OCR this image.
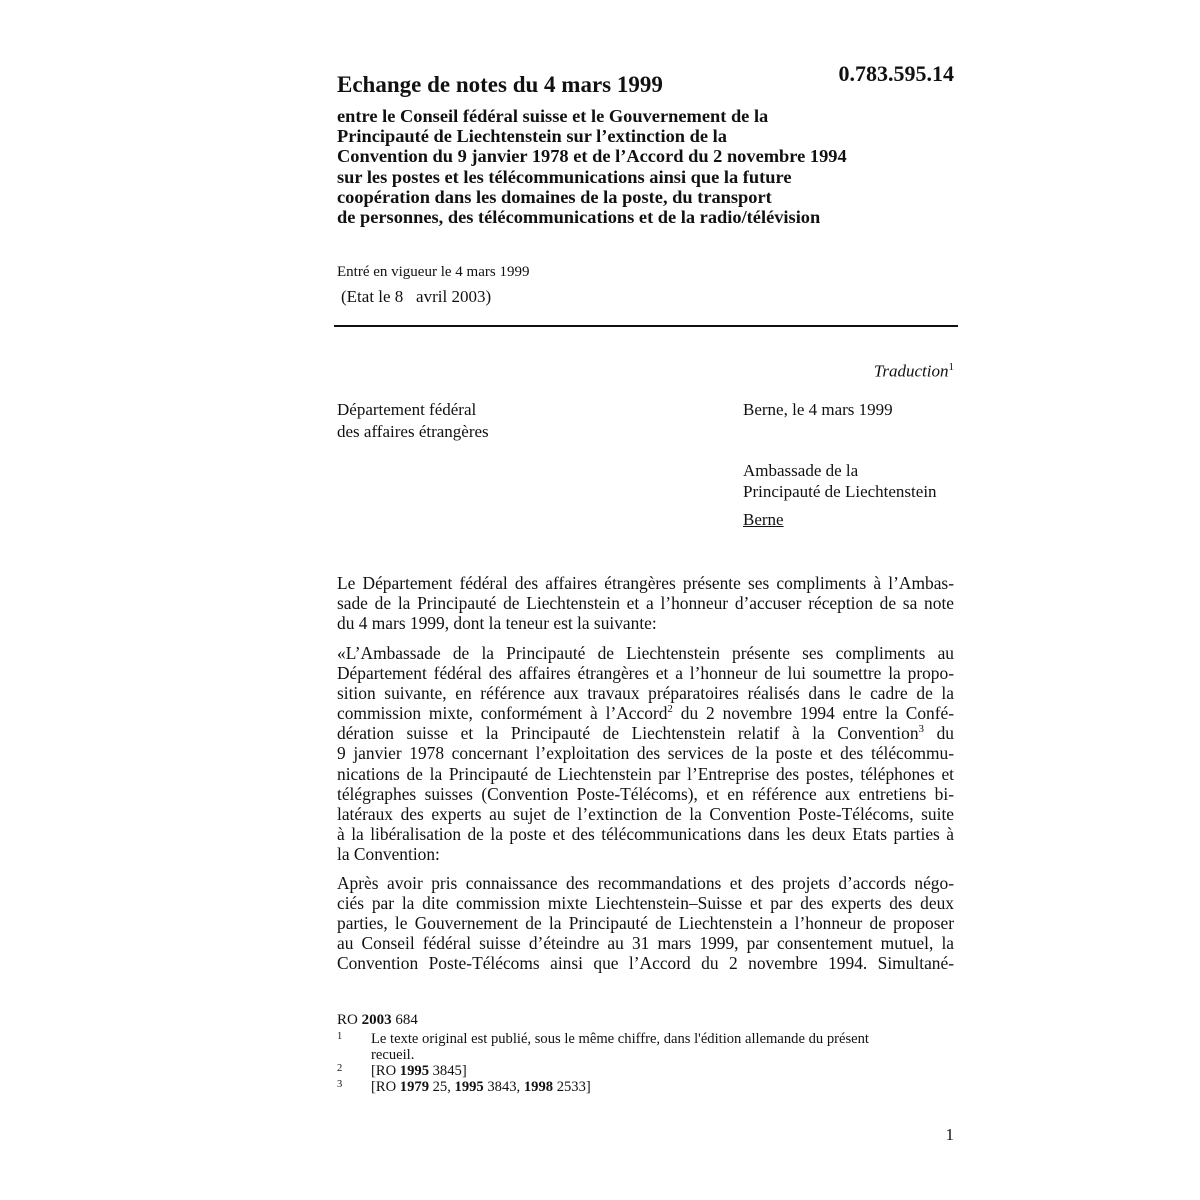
Echange de notes du 4 mars 1999	0.783.595.14
entre le Conseil fédéral suisse et le Gouvernement de la
Principauté de Liechtenstein sur l’extinction de la
Convention du 9 janvier 1978 et de l’Accord du 2 novembre 1994
sur les postes et les télécommunications ainsi que la future
coopération dans les domaines de la poste, du transport
de personnes, des télécommunications et de la radio/télévision
Entré en vigueur le 4 mars 1999
(Etat le 8   avril 2003)
Traduction$^1$
Département fédéral
des affaires étrangères
Berne, le 4 mars 1999
Ambassade de la
Principauté de Liechtenstein
Berne
Le Département fédéral des affaires étrangères présente ses compliments à l’Ambas-
sade de la Principauté de Liechtenstein et a l’honneur d’accuser réception de sa note
du 4 mars 1999, dont la teneur est la suivante:
«L’Ambassade de la Principauté de Liechtenstein présente ses compliments au
Département fédéral des affaires étrangères et a l’honneur de lui soumettre la propo-
sition suivante, en référence aux travaux préparatoires réalisés dans le cadre de la
commission mixte, conformément à l’Accord$^2$ du 2 novembre 1994 entre la Confé-
dération suisse et la Principauté de Liechtenstein relatif à la Convention$^3$ du
9 janvier 1978 concernant l’exploitation des services de la poste et des télécommu-
nications de la Principauté de Liechtenstein par l’Entreprise des postes, téléphones et
télégraphes suisses (Convention Poste-Télécoms), et en référence aux entretiens bi-
latéraux des experts au sujet de l’extinction de la Convention Poste-Télécoms, suite
à la libéralisation de la poste et des télécommunications dans les deux Etats parties à
la Convention:
Après avoir pris connaissance des recommandations et des projets d’accords négo-
ciés par la dite commission mixte Liechtenstein–Suisse et par des experts des deux
parties, le Gouvernement de la Principauté de Liechtenstein a l’honneur de proposer
au Conseil fédéral suisse d’éteindre au 31 mars 1999, par consentement mutuel, la
Convention Poste-Télécoms ainsi que l’Accord du 2 novembre 1994. Simultané-
RO 2003 684
1 Le texte original est publié, sous le même chiffre, dans l'édition allemande du présent
recueil.
2 [RO 1995 3845]
3 [RO 1979 25, 1995 3843, 1998 2533]
1
